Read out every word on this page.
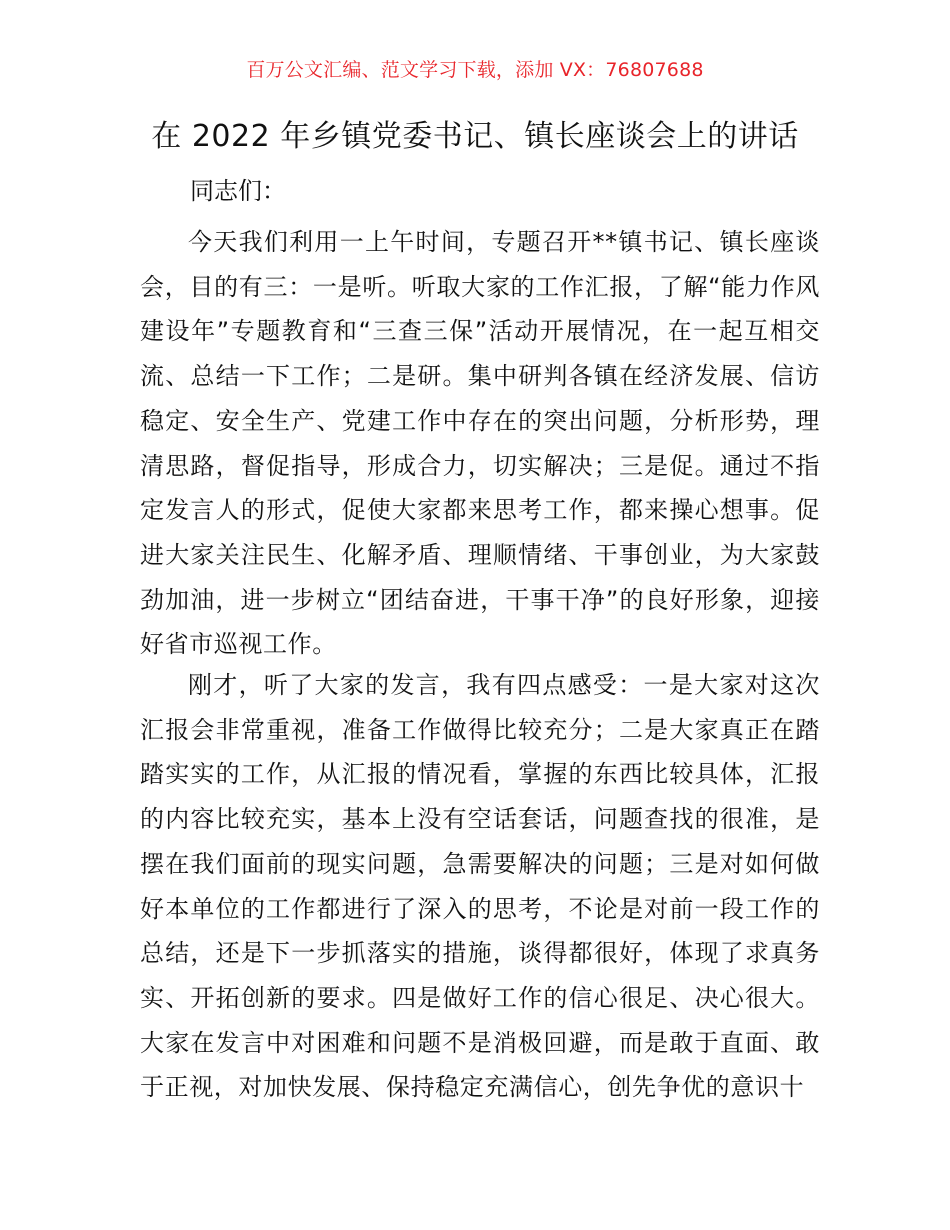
百万公文汇编、范文学习下载，添加 VX：76807688
在 2022 年乡镇党委书记、镇长座谈会上的讲话
同志们：

今天我们利用一上午时间，专题召开**镇书记、镇长座谈会，目的有三：一是听。听取大家的工作汇报，了解“能力作风建设年”专题教育和“三查三保”活动开展情况，在一起互相交流、总结一下工作；二是研。集中研判各镇在经济发展、信访稳定、安全生产、党建工作中存在的突出问题，分析形势，理清思路，督促指导，形成合力，切实解决；三是促。通过不指定发言人的形式，促使大家都来思考工作，都来操心想事。促进大家关注民生、化解矛盾、理顺情绪、干事创业，为大家鼓劲加油，进一步树立“团结奋进，干事干净”的良好形象，迎接好省市巡视工作。

刚才，听了大家的发言，我有四点感受：一是大家对这次汇报会非常重视，准备工作做得比较充分；二是大家真正在踏踏实实的工作，从汇报的情况看，掌握的东西比较具体，汇报的内容比较充实，基本上没有空话套话，问题查找的很准，是摆在我们面前的现实问题，急需要解决的问题；三是对如何做好本单位的工作都进行了深入的思考，不论是对前一段工作的总结，还是下一步抓落实的措施，谈得都很好，体现了求真务实、开拓创新的要求。四是做好工作的信心很足、决心很大。大家在发言中对困难和问题不是消极回避，而是敢于直面、敢于正视，对加快发展、保持稳定充满信心，创先争优的意识十
